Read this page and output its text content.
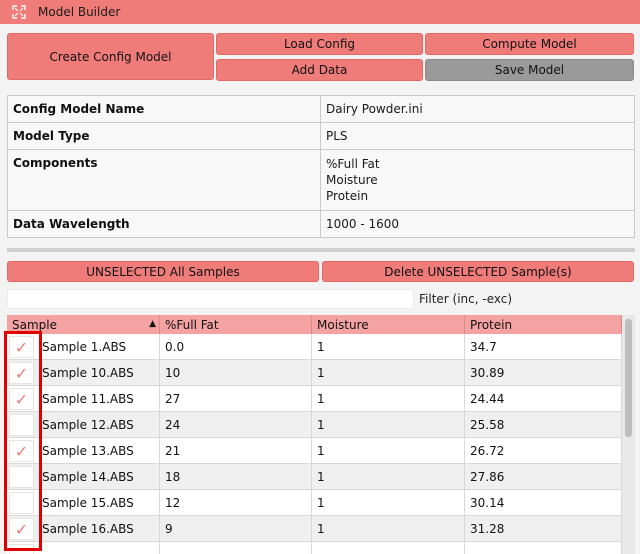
Model Builder
Create Config Model
Load Config	Compute Model
Add Data	Save Model
Config Model Name	Dairy Powder.ini
Model Type	PLS
Components	%Full Fat
Moisture
Protein

Data Wavelength	1000 - 1600
UNSELECTED All Samples	Delete UNSELECTED Sample(s)
Filter (inc, -exc)
Sample	▲ %Full Fat	Moisture	Protein
✓ Sample 1.ABS	0.0	1	34.7
✓ Sample 10.ABS	10	1	30.89
✓ Sample 11.ABS	27	1	24.44
Sample 12.ABS	24	1	25.58
✓ Sample 13.ABS	21	1	26.72
Sample 14.ABS	18	1	27.86
Sample 15.ABS	12	1	30.14
✓ Sample 16.ABS	9	1	31.28
